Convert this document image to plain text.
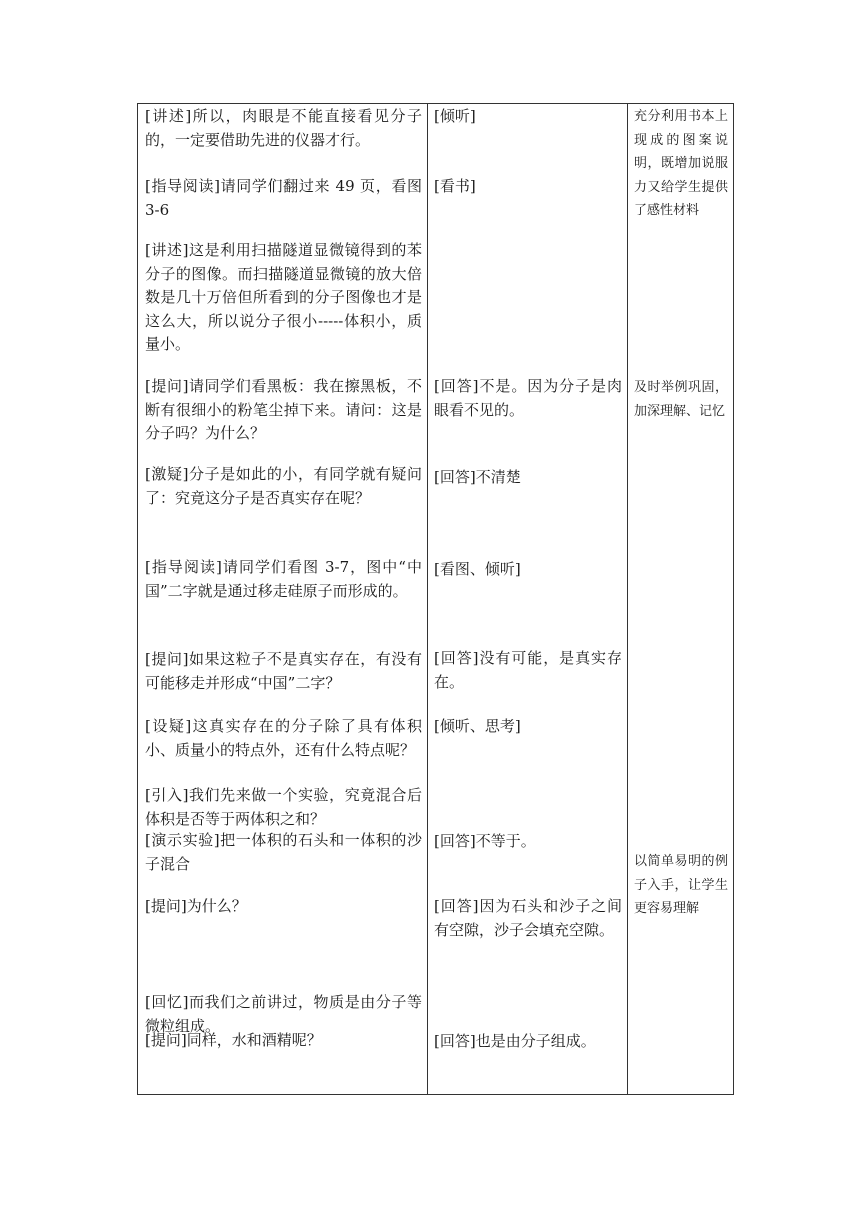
[讲述]所以，肉眼是不能直接看见分子的，一定要借助先进的仪器才行。
[指导阅读]请同学们翻过来 49 页，看图 3-6
[讲述]这是利用扫描隧道显微镜得到的苯分子的图像。而扫描隧道显微镜的放大倍数是几十万倍但所看到的分子图像也才是这么大，所以说分子很小-----体积小，质量小。
[提问]请同学们看黑板：我在擦黑板，不断有很细小的粉笔尘掉下来。请问：这是分子吗？为什么？
[激疑]分子是如此的小，有同学就有疑问了：究竟这分子是否真实存在呢？
[指导阅读]请同学们看图 3-7，图中“中国”二字就是通过移走硅原子而形成的。
[提问]如果这粒子不是真实存在，有没有可能移走并形成“中国”二字？
[设疑]这真实存在的分子除了具有体积小、质量小的特点外，还有什么特点呢？
[引入]我们先来做一个实验，究竟混合后体积是否等于两体积之和？
[演示实验]把一体积的石头和一体积的沙子混合
[提问]为什么？
[回忆]而我们之前讲过，物质是由分子等微粒组成。
[提问]同样，水和酒精呢？
[倾听]
[看书]
[回答]不是。因为分子是肉眼看不见的。
[回答]不清楚
[看图、倾听]
[回答]没有可能，是真实存在。
[倾听、思考]
[回答]不等于。
[回答]因为石头和沙子之间有空隙，沙子会填充空隙。
[回答]也是由分子组成。
充分利用书本上现成的图案说明，既增加说服力又给学生提供了感性材料
及时举例巩固，加深理解、记忆
以简单易明的例子入手，让学生更容易理解
